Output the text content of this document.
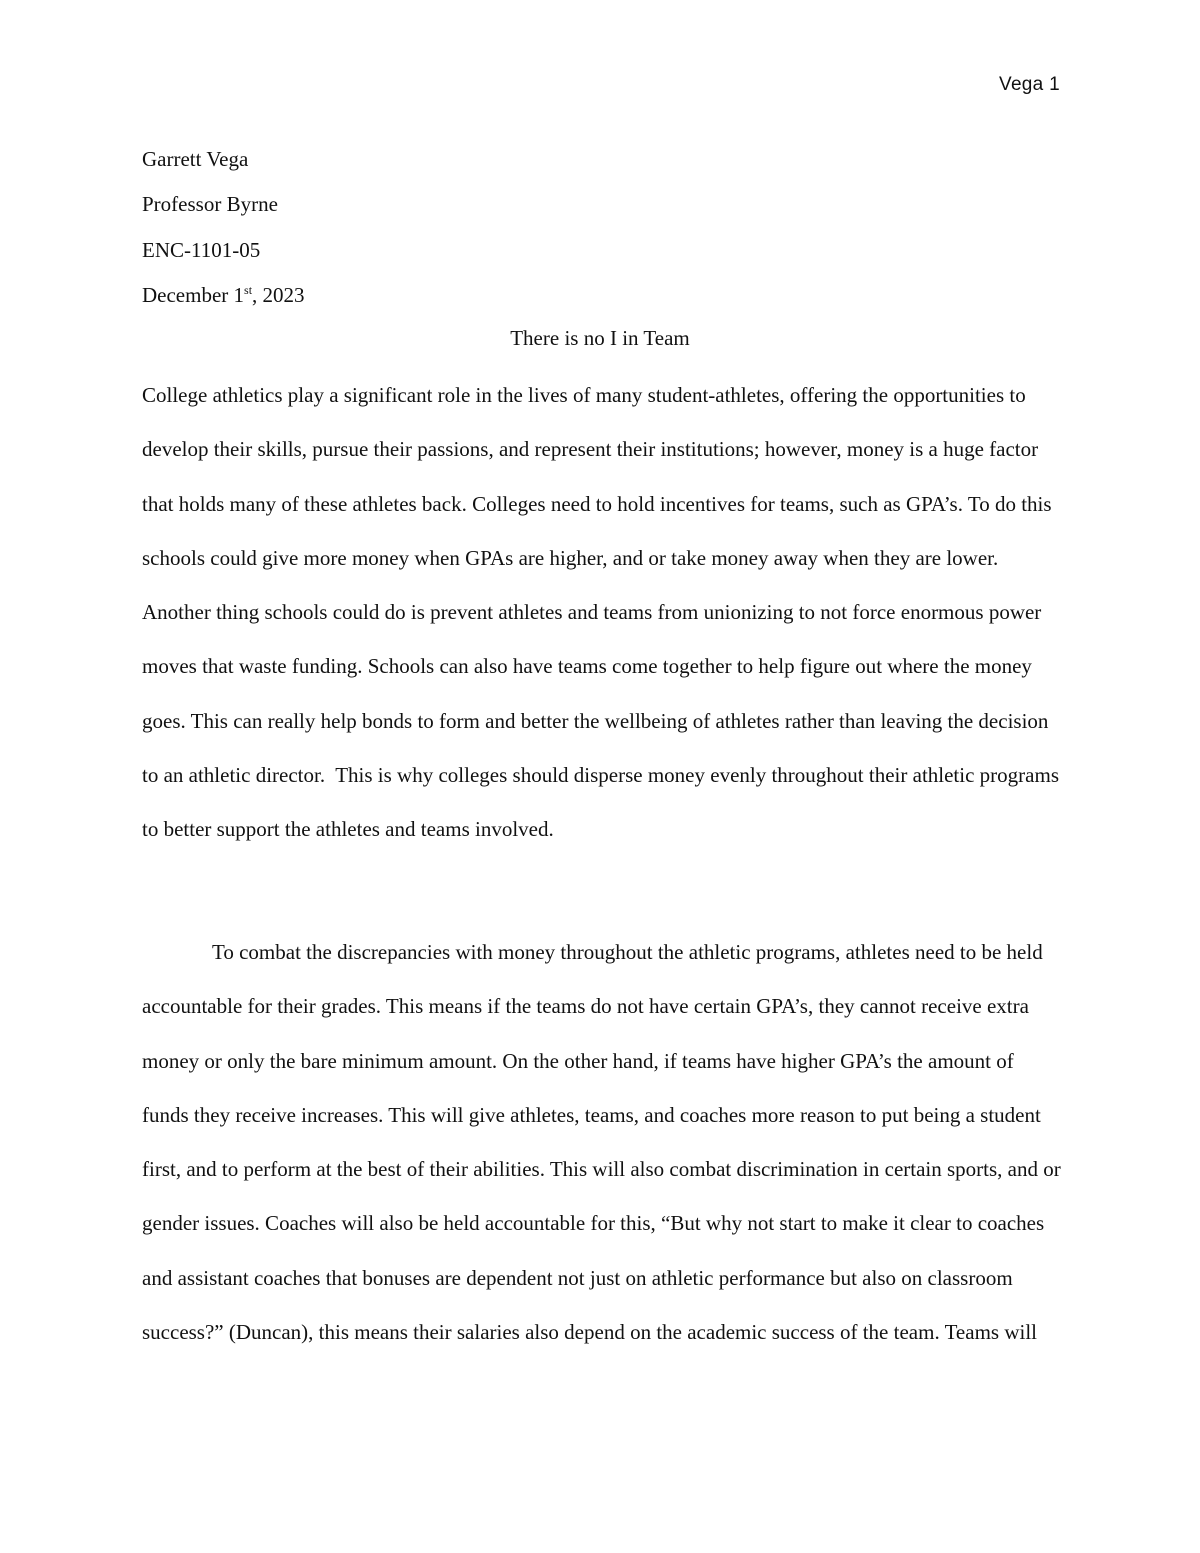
Vega 1
Garrett Vega
Professor Byrne
ENC-1101-05
December 1st, 2023
There is no I in Team
College athletics play a significant role in the lives of many student-athletes, offering the opportunities to develop their skills, pursue their passions, and represent their institutions; however, money is a huge factor that holds many of these athletes back. Colleges need to hold incentives for teams, such as GPA’s. To do this schools could give more money when GPAs are higher, and or take money away when they are lower. Another thing schools could do is prevent athletes and teams from unionizing to not force enormous power moves that waste funding. Schools can also have teams come together to help figure out where the money goes. This can really help bonds to form and better the wellbeing of athletes rather than leaving the decision to an athletic director.  This is why colleges should disperse money evenly throughout their athletic programs to better support the athletes and teams involved.
To combat the discrepancies with money throughout the athletic programs, athletes need to be held accountable for their grades. This means if the teams do not have certain GPA’s, they cannot receive extra money or only the bare minimum amount. On the other hand, if teams have higher GPA’s the amount of funds they receive increases. This will give athletes, teams, and coaches more reason to put being a student first, and to perform at the best of their abilities. This will also combat discrimination in certain sports, and or gender issues. Coaches will also be held accountable for this, “But why not start to make it clear to coaches and assistant coaches that bonuses are dependent not just on athletic performance but also on classroom success?” (Duncan), this means their salaries also depend on the academic success of the team. Teams will
